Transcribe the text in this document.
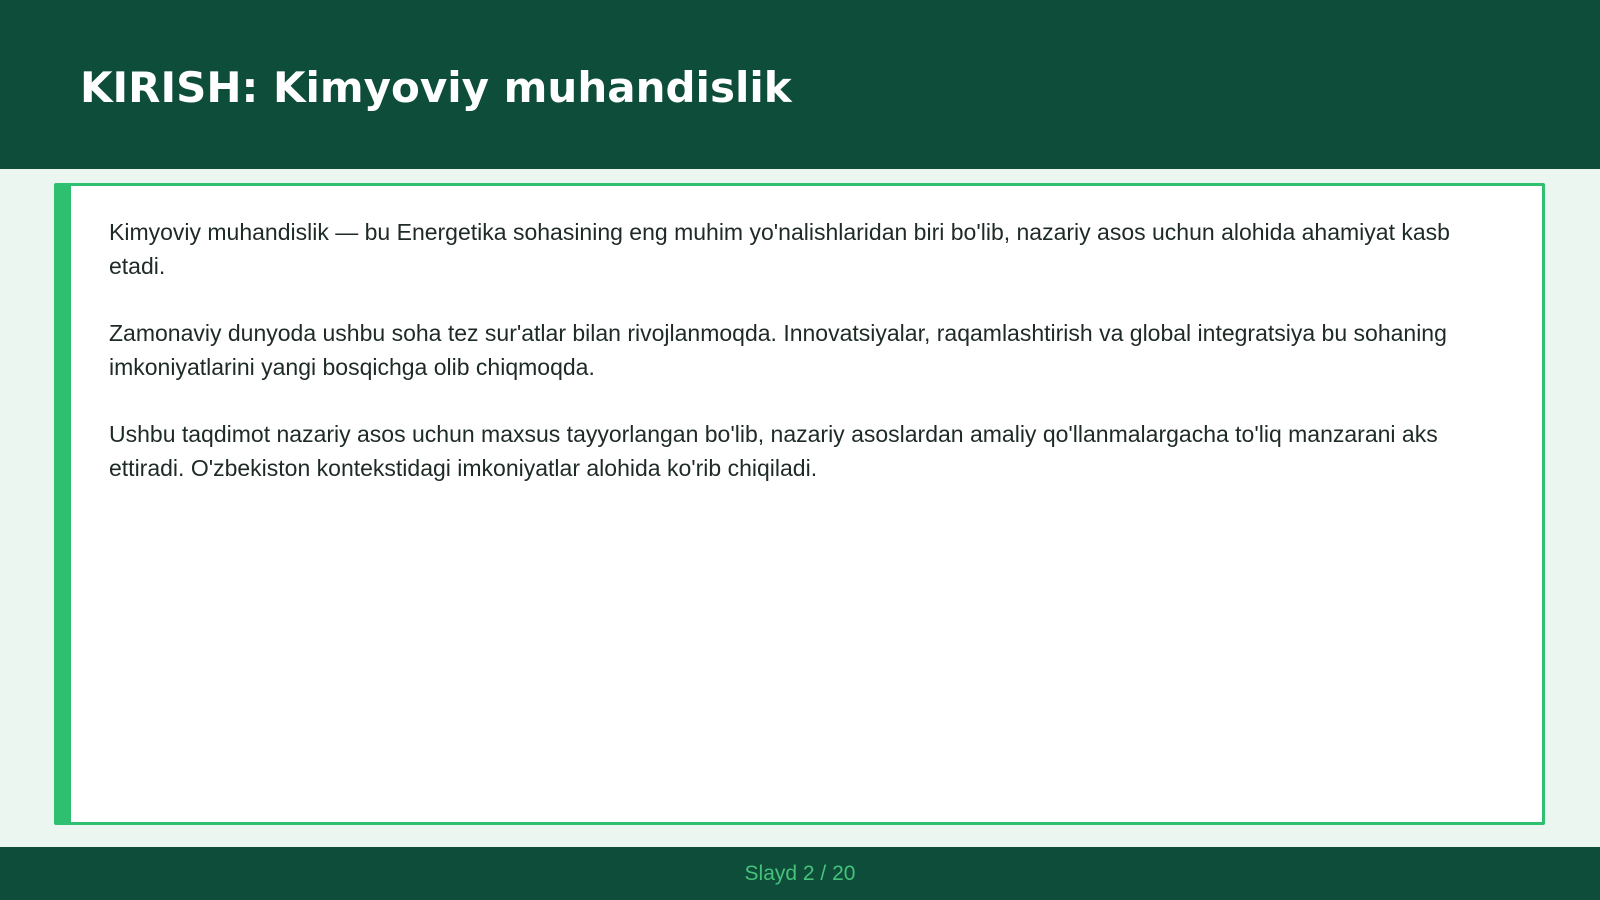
KIRISH: Kimyoviy muhandislik

Kimyoviy muhandislik — bu Energetika sohasining eng muhim yo'nalishlaridan biri bo'lib, nazariy asos uchun alohida ahamiyat kasb etadi.

Zamonaviy dunyoda ushbu soha tez sur'atlar bilan rivojlanmoqda. Innovatsiyalar, raqamlashtirish va global integratsiya bu sohaning imkoniyatlarini yangi bosqichga olib chiqmoqda.

Ushbu taqdimot nazariy asos uchun maxsus tayyorlangan bo'lib, nazariy asoslardan amaliy qo'llanmalargacha to'liq manzarani aks ettiradi. O'zbekiston kontekstidagi imkoniyatlar alohida ko'rib chiqiladi.

Slayd 2 / 20
